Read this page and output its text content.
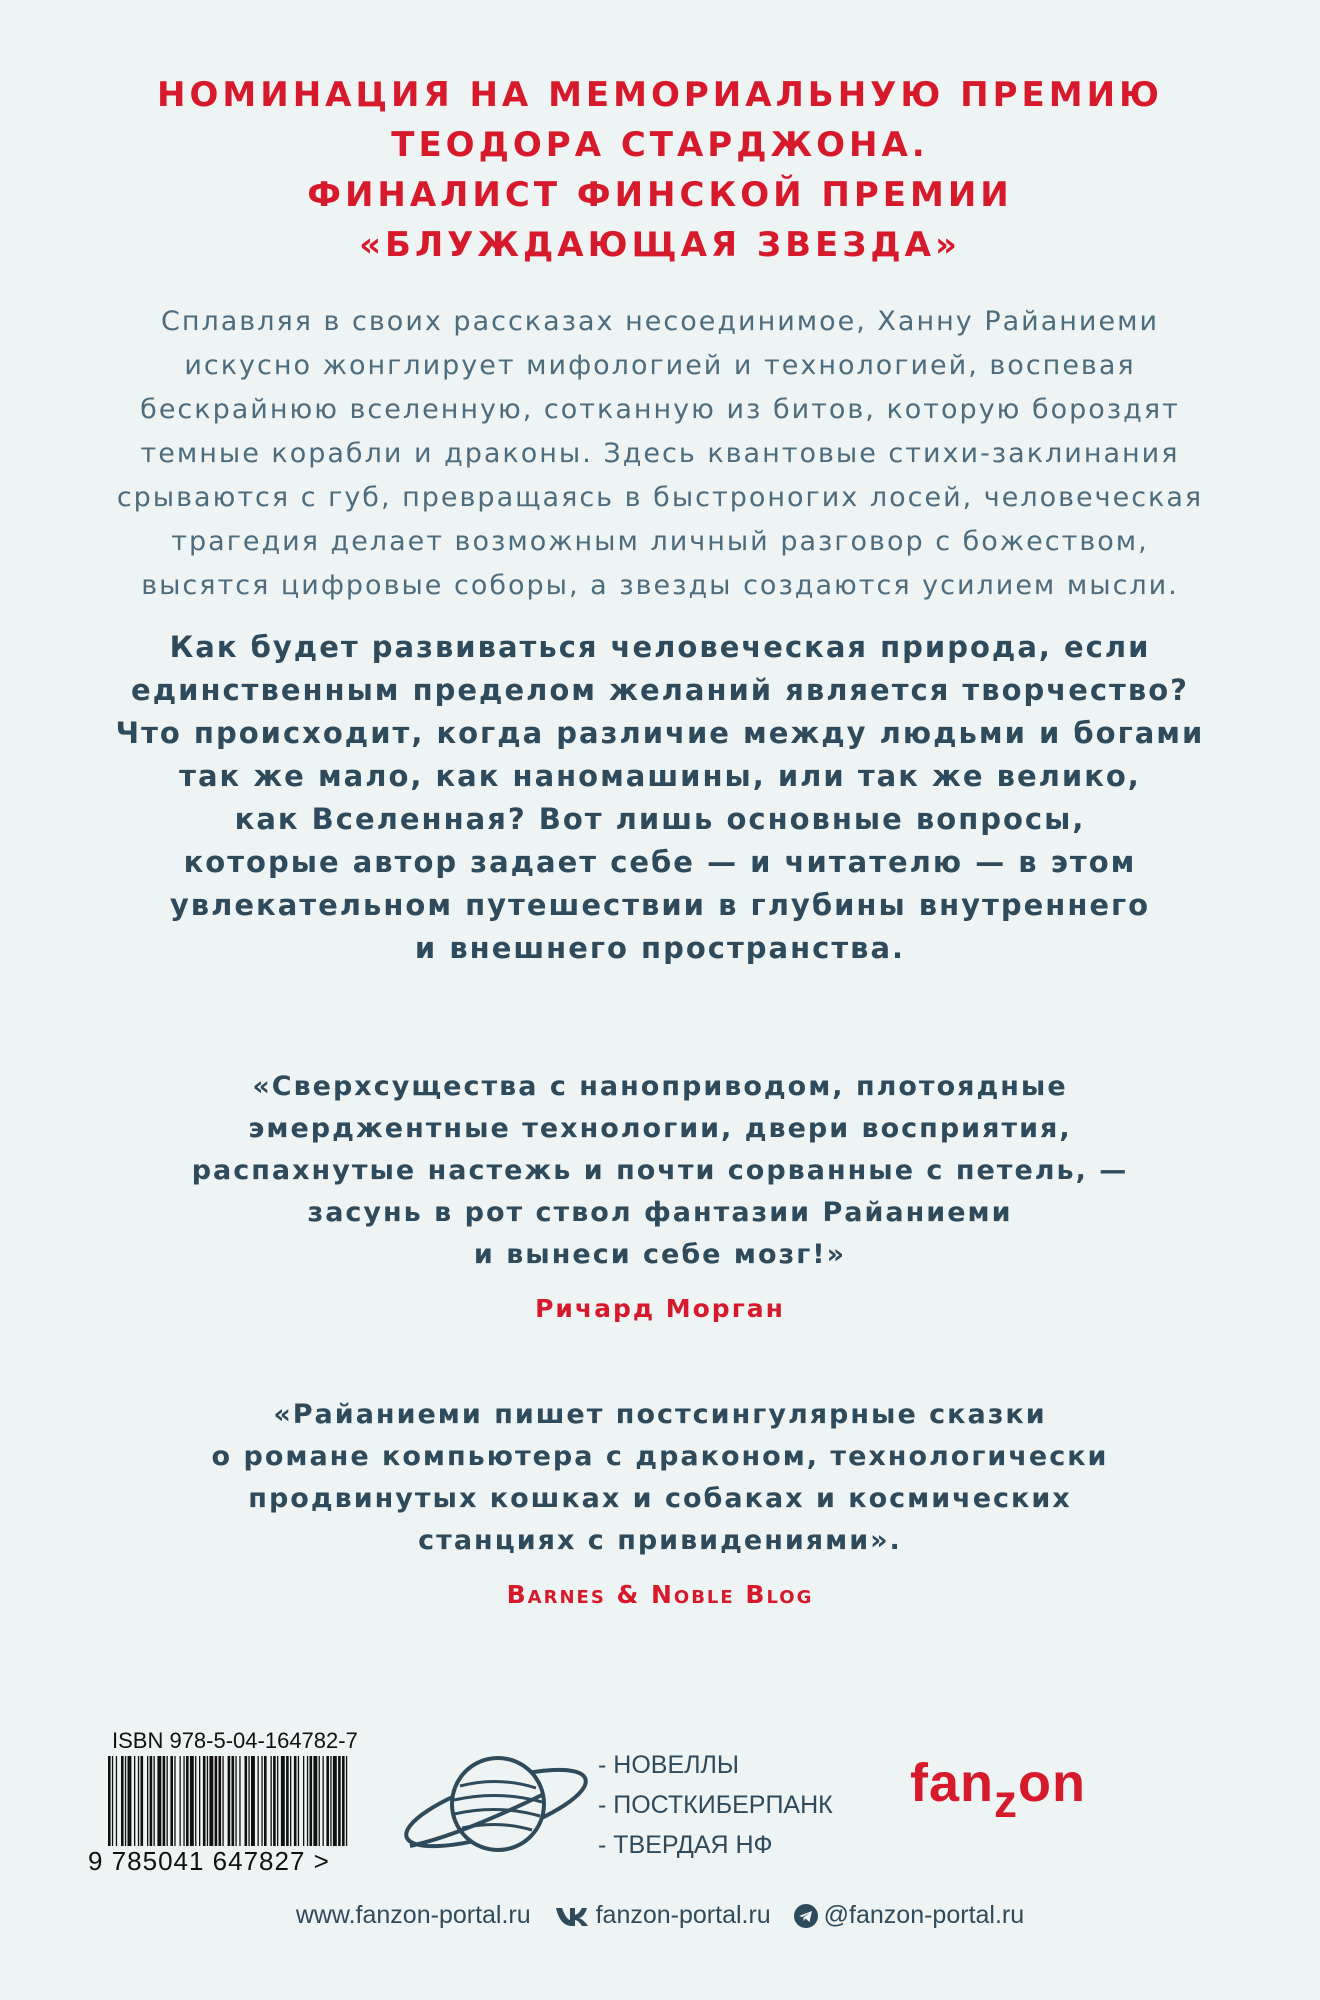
НОМИНАЦИЯ НА МЕМОРИАЛЬНУЮ ПРЕМИЮ
ТЕОДОРА СТАРДЖОНА.
ФИНАЛИСТ ФИНСКОЙ ПРЕМИИ
«БЛУЖДАЮЩАЯ ЗВЕЗДА»
Сплавляя в своих рассказах несоединимое, Ханну Райаниеми
искусно жонглирует мифологией и технологией, воспевая
бескрайнюю вселенную, сотканную из битов, которую бороздят
темные корабли и драконы. Здесь квантовые стихи-заклинания
срываются с губ, превращаясь в быстроногих лосей, человеческая
трагедия делает возможным личный разговор с божеством,
высятся цифровые соборы, а звезды создаются усилием мысли.
Как будет развиваться человеческая природа, если
единственным пределом желаний является творчество?
Что происходит, когда различие между людьми и богами
так же мало, как наномашины, или так же велико,
как Вселенная? Вот лишь основные вопросы,
которые автор задает себе — и читателю — в этом
увлекательном путешествии в глубины внутреннего
и внешнего пространства.
«Сверхсущества с наноприводом, плотоядные
эмерджентные технологии, двери восприятия,
распахнутые настежь и почти сорванные с петель, —
засунь в рот ствол фантазии Райаниеми
и вынеси себе мозг!»
Ричард Морган
«Райаниеми пишет постсингулярные сказки
о романе компьютера с драконом, технологически
продвинутых кошках и собаках и космических
станциях с привидениями».
Barnes & Noble Blog
ISBN 978-5-04-164782-7
9 785041 647827 >
- НОВЕЛЛЫ
- ПОСТКИБЕРПАНК
- ТВЕРДАЯ НФ
fanzon
www.fanzon-portal.ru	fanzon-portal.ru @fanzon-portal.ru
